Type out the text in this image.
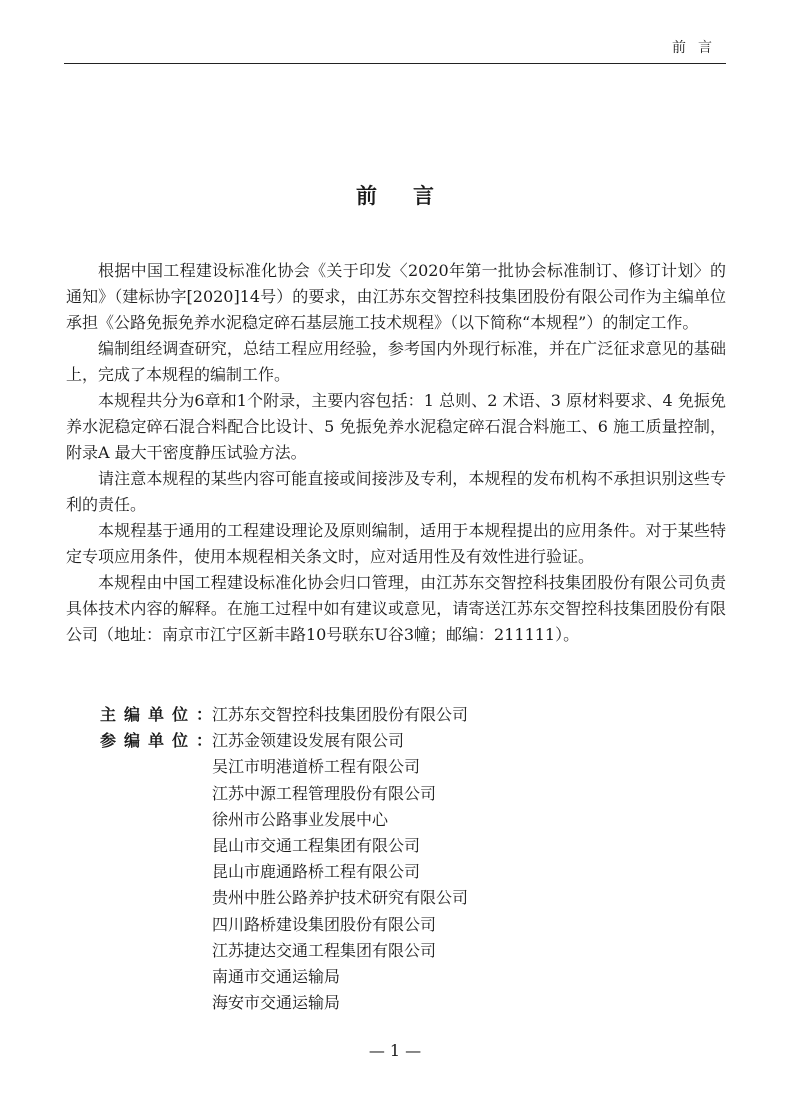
前言
前言

根据中国工程建设标准化协会《关于印发〈2020年第一批协会标准制订、修订计划〉的通知》（建标协字[2020]14号）的要求，由江苏东交智控科技集团股份有限公司作为主编单位承担《公路免振免养水泥稳定碎石基层施工技术规程》（以下简称“本规程”）的制定工作。

编制组经调查研究，总结工程应用经验，参考国内外现行标准，并在广泛征求意见的基础上，完成了本规程的编制工作。

本规程共分为6章和1个附录，主要内容包括：1 总则、2 术语、3 原材料要求、4 免振免养水泥稳定碎石混合料配合比设计、5 免振免养水泥稳定碎石混合料施工、6 施工质量控制，附录A 最大干密度静压试验方法。

请注意本规程的某些内容可能直接或间接涉及专利，本规程的发布机构不承担识别这些专利的责任。

本规程基于通用的工程建设理论及原则编制，适用于本规程提出的应用条件。对于某些特定专项应用条件，使用本规程相关条文时，应对适用性及有效性进行验证。

本规程由中国工程建设标准化协会归口管理，由江苏东交智控科技集团股份有限公司负责具体技术内容的解释。在施工过程中如有建议或意见，请寄送江苏东交智控科技集团股份有限公司（地址：南京市江宁区新丰路10号联东U谷3幢；邮编：211111）。

主编单位： 江苏东交智控科技集团股份有限公司
参编单位： 江苏金领建设发展有限公司
吴江市明港道桥工程有限公司
江苏中源工程管理股份有限公司
徐州市公路事业发展中心
昆山市交通工程集团有限公司
昆山市鹿通路桥工程有限公司
贵州中胜公路养护技术研究有限公司
四川路桥建设集团股份有限公司
江苏捷达交通工程集团有限公司
南通市交通运输局
海安市交通运输局
— 1 —
